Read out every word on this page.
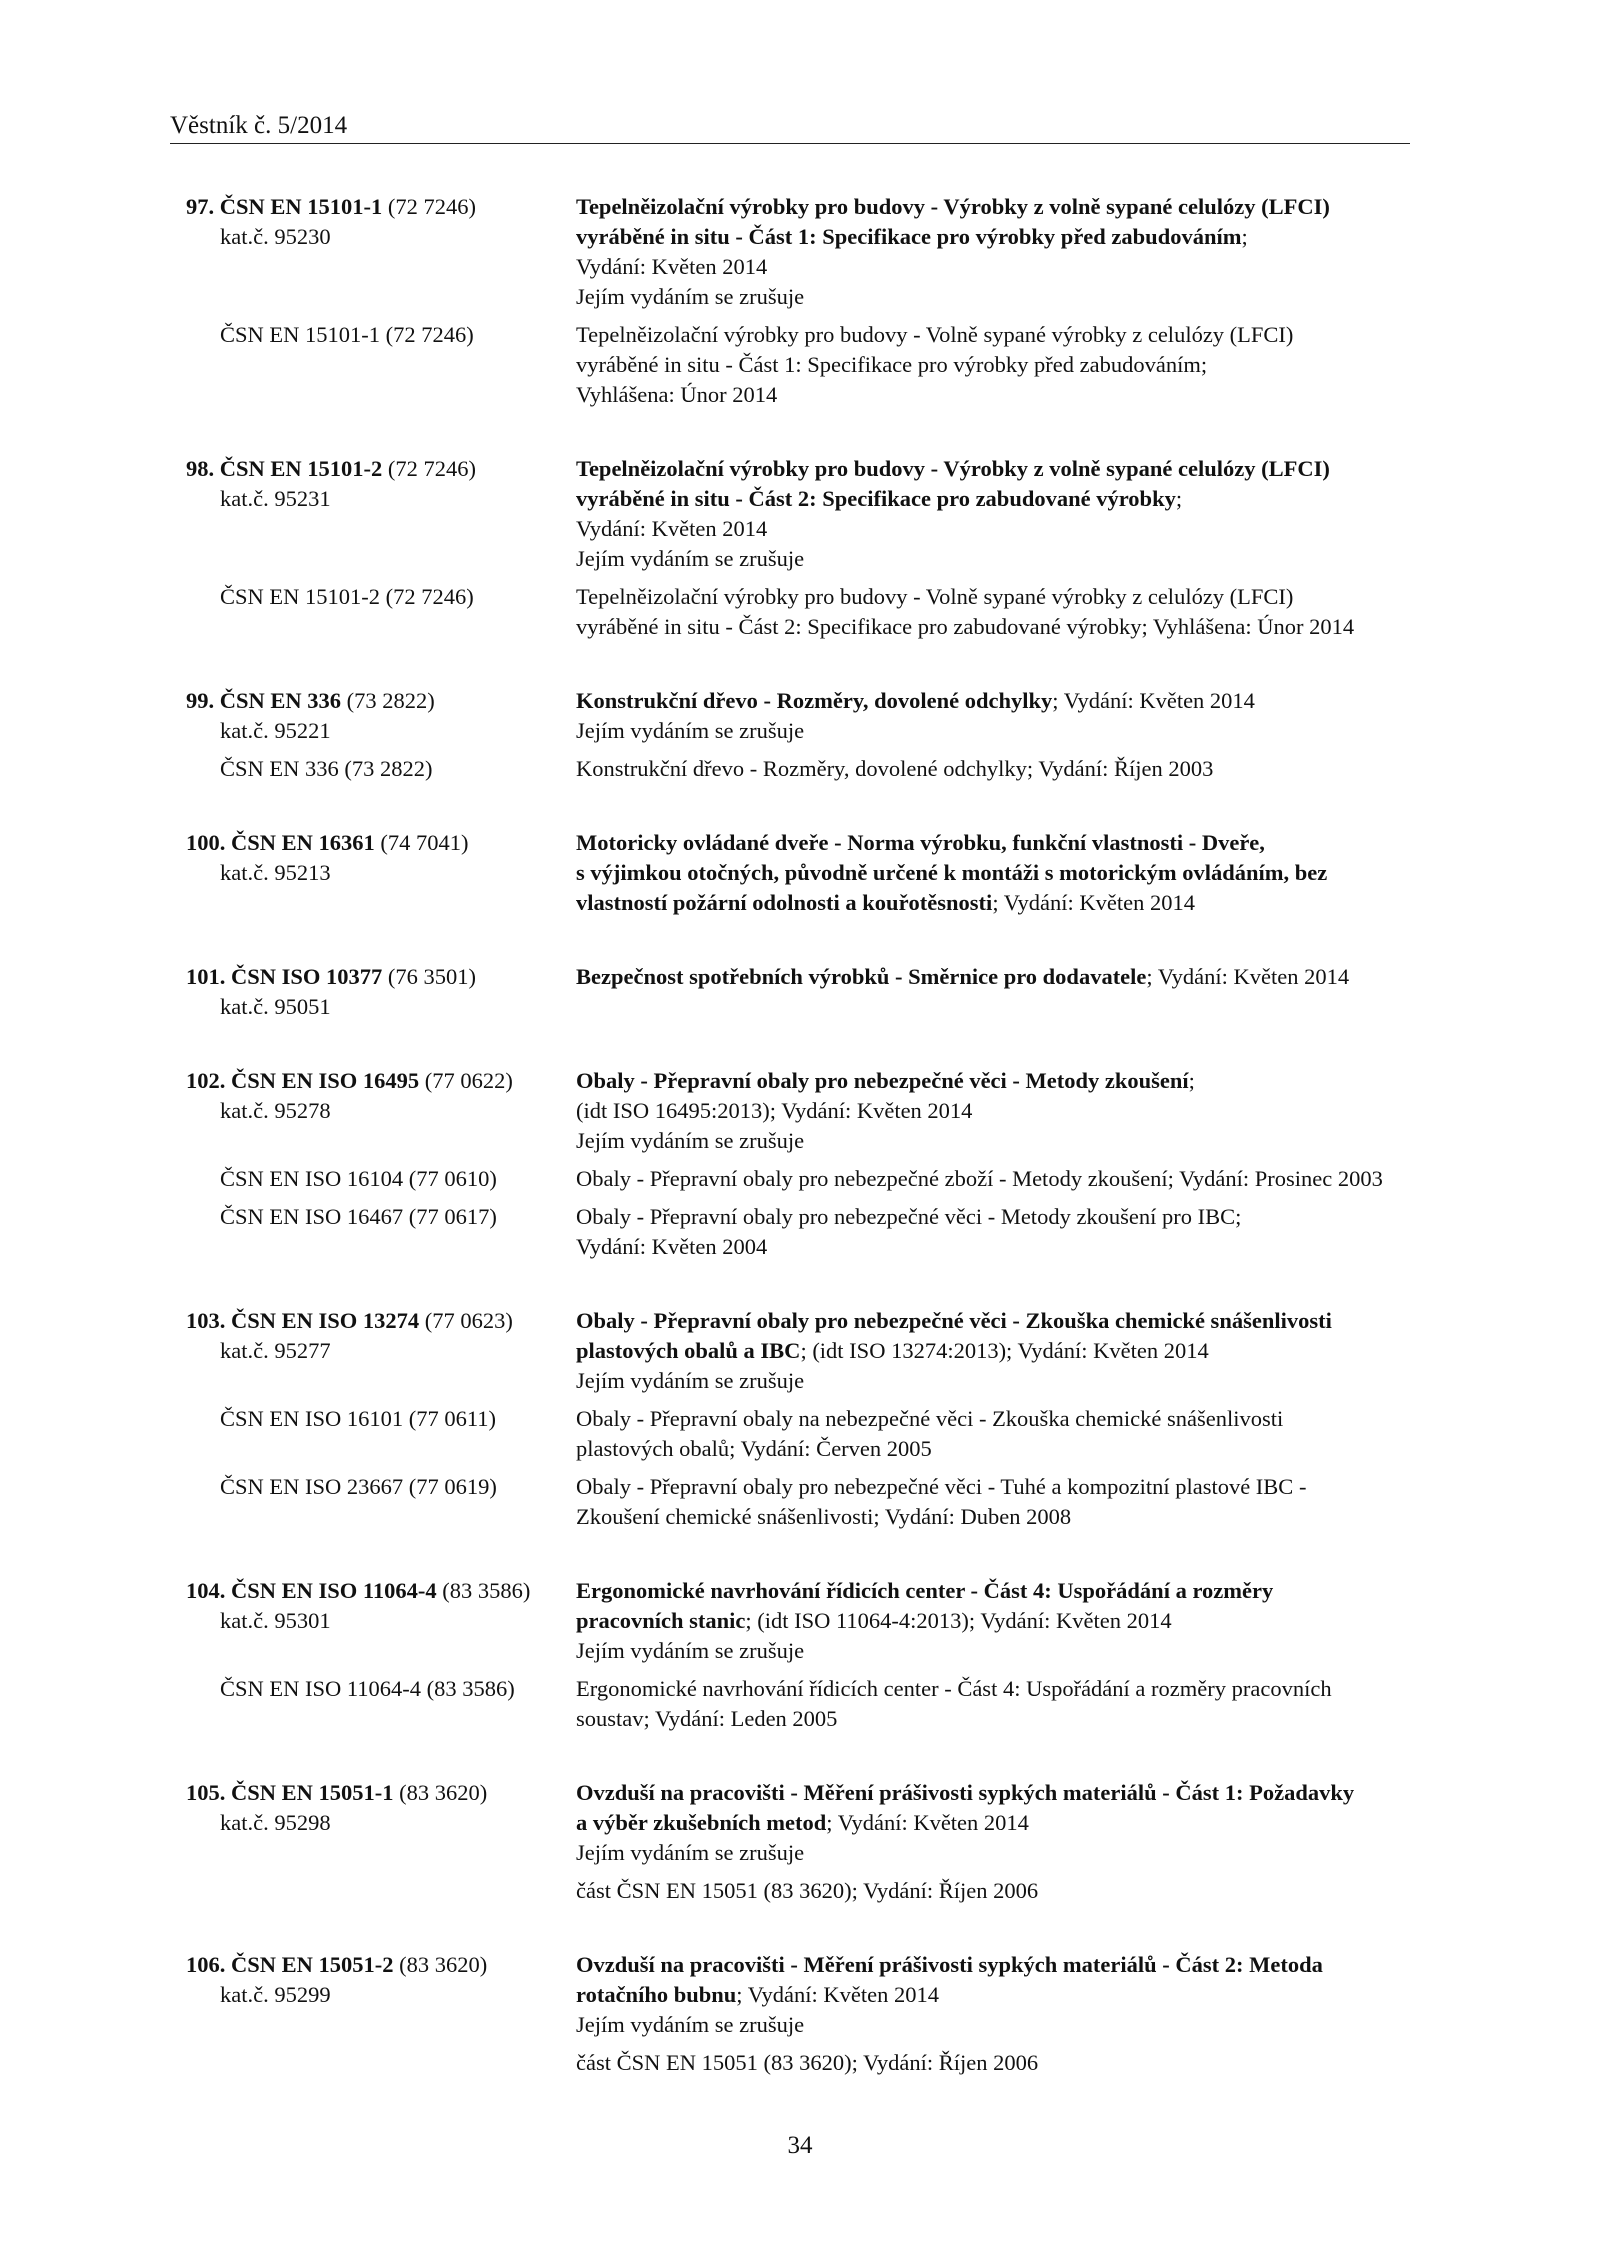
Věstník č. 5/2014
97. ČSN EN 15101-1 (72 7246)	Tepelněizolační výrobky pro budovy - Výrobky z volně sypané celulózy (LFCI)
kat.č. 95230	vyráběné in situ - Část 1: Specifikace pro výrobky před zabudováním;
Vydání: Květen 2014
Jejím vydáním se zrušuje
ČSN EN 15101-1 (72 7246)	Tepelněizolační výrobky pro budovy - Volně sypané výrobky z celulózy (LFCI)
vyráběné in situ - Část 1: Specifikace pro výrobky před zabudováním;
Vyhlášena: Únor 2014
98. ČSN EN 15101-2 (72 7246)	Tepelněizolační výrobky pro budovy - Výrobky z volně sypané celulózy (LFCI)
kat.č. 95231	vyráběné in situ - Část 2: Specifikace pro zabudované výrobky;
Vydání: Květen 2014
Jejím vydáním se zrušuje
ČSN EN 15101-2 (72 7246)	Tepelněizolační výrobky pro budovy - Volně sypané výrobky z celulózy (LFCI)
vyráběné in situ - Část 2: Specifikace pro zabudované výrobky; Vyhlášena: Únor 2014
99. ČSN EN 336 (73 2822)	Konstrukční dřevo - Rozměry, dovolené odchylky; Vydání: Květen 2014
kat.č. 95221	Jejím vydáním se zrušuje
ČSN EN 336 (73 2822)	Konstrukční dřevo - Rozměry, dovolené odchylky; Vydání: Říjen 2003
100. ČSN EN 16361 (74 7041)	Motoricky ovládané dveře - Norma výrobku, funkční vlastnosti - Dveře,
kat.č. 95213	s výjimkou otočných, původně určené k montáži s motorickým ovládáním, bez
vlastností požární odolnosti a kouřotěsnosti; Vydání: Květen 2014
101. ČSN ISO 10377 (76 3501)	Bezpečnost spotřebních výrobků - Směrnice pro dodavatele; Vydání: Květen 2014
kat.č. 95051
102. ČSN EN ISO 16495 (77 0622)	Obaly - Přepravní obaly pro nebezpečné věci - Metody zkoušení;
kat.č. 95278	(idt ISO 16495:2013); Vydání: Květen 2014
Jejím vydáním se zrušuje
ČSN EN ISO 16104 (77 0610)	Obaly - Přepravní obaly pro nebezpečné zboží - Metody zkoušení; Vydání: Prosinec 2003
ČSN EN ISO 16467 (77 0617)	Obaly - Přepravní obaly pro nebezpečné věci - Metody zkoušení pro IBC;
Vydání: Květen 2004
103. ČSN EN ISO 13274 (77 0623)	Obaly - Přepravní obaly pro nebezpečné věci - Zkouška chemické snášenlivosti
kat.č. 95277	plastových obalů a IBC; (idt ISO 13274:2013); Vydání: Květen 2014
Jejím vydáním se zrušuje
ČSN EN ISO 16101 (77 0611)	Obaly - Přepravní obaly na nebezpečné věci - Zkouška chemické snášenlivosti
plastových obalů; Vydání: Červen 2005
ČSN EN ISO 23667 (77 0619)	Obaly - Přepravní obaly pro nebezpečné věci - Tuhé a kompozitní plastové IBC -
Zkoušení chemické snášenlivosti; Vydání: Duben 2008
104. ČSN EN ISO 11064-4 (83 3586)	Ergonomické navrhování řídicích center - Část 4: Uspořádání a rozměry
kat.č. 95301	pracovních stanic; (idt ISO 11064-4:2013); Vydání: Květen 2014
Jejím vydáním se zrušuje
ČSN EN ISO 11064-4 (83 3586)	Ergonomické navrhování řídicích center - Část 4: Uspořádání a rozměry pracovních
soustav; Vydání: Leden 2005
105. ČSN EN 15051-1 (83 3620)	Ovzduší na pracovišti - Měření prášivosti sypkých materiálů - Část 1: Požadavky
kat.č. 95298	a výběr zkušebních metod; Vydání: Květen 2014
Jejím vydáním se zrušuje
část ČSN EN 15051 (83 3620); Vydání: Říjen 2006
106. ČSN EN 15051-2 (83 3620)	Ovzduší na pracovišti - Měření prášivosti sypkých materiálů - Část 2: Metoda
kat.č. 95299	rotačního bubnu; Vydání: Květen 2014
Jejím vydáním se zrušuje
část ČSN EN 15051 (83 3620); Vydání: Říjen 2006
34
